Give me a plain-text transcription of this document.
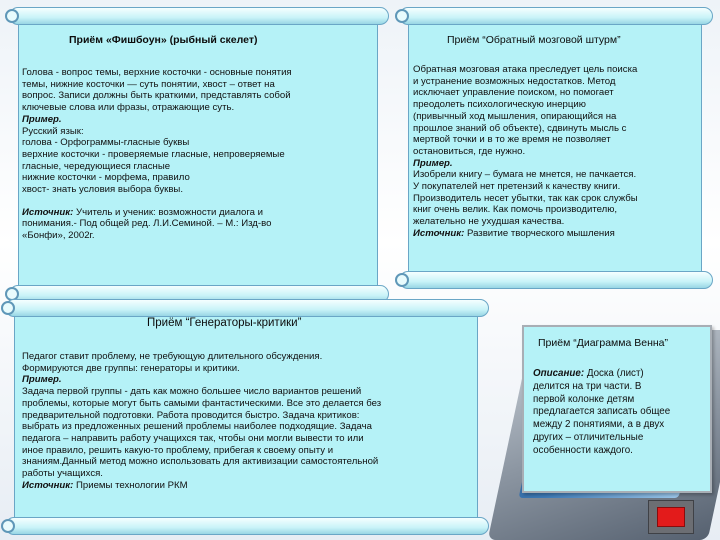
Приём «Фишбоун» (рыбный скелет)
Голова - вопрос темы, верхние косточки - основные понятия
темы, нижние косточки — суть понятии, хвост – ответ на
вопрос. Записи должны быть краткими, представлять собой
ключевые слова или фразы, отражающие суть.
Пример.
Русский язык:
голова - Орфограммы-гласные буквы
верхние косточки - проверяемые гласные, непроверяемые
гласные, чередующиеся гласные
нижние косточки - морфема, правило
хвост- знать условия выбора буквы.
Источник: Учитель и ученик: возможности диалога и
понимания.- Под общей ред. Л.И.Семиной. – М.: Изд-во
«Бонфи», 2002г.
Приём “Обратный мозговой штурм”
Обратная мозговая атака преследует цель поиска
и устранение возможных недостатков. Метод
исключает управление поиском, но помогает
преодолеть психологическую инерцию
(привычный ход мышления, опирающийся на
прошлое знаний об объекте), сдвинуть мысль с
мертвой точки и в то же время не позволяет
остановиться, где нужно.
Пример.
Изобрели книгу – бумага не мнется, не пачкается.
У покупателей нет претензий к качеству книги.
Производитель несет убытки, так как срок службы
книг очень велик. Как помочь производителю,
желательно не ухудшая качества.
Источник: Развитие творческого мышления
Приём “Генераторы-критики”
Педагог ставит проблему, не требующую длительного обсуждения.
Формируются две группы: генераторы и критики.
Пример.
Задача первой группы - дать как можно большее число вариантов решений
проблемы, которые могут быть самыми фантастическими. Все это делается без
предварительной подготовки. Работа проводится быстро. Задача критиков:
выбрать из предложенных решений проблемы наиболее подходящие. Задача
педагога – направить работу учащихся так, чтобы они могли вывести то или
иное правило, решить какую-то проблему, прибегая к своему опыту и
знаниям.Данный метод можно использовать для активизации самостоятельной
работы учащихся.
Источник: Приемы технологии РКМ
Приём “Диаграмма Венна”
Описание: Доска (лист)
делится на три части. В
первой колонке детям
предлагается записать общее
между 2 понятиями, а в двух
других – отличительные
особенности каждого.
